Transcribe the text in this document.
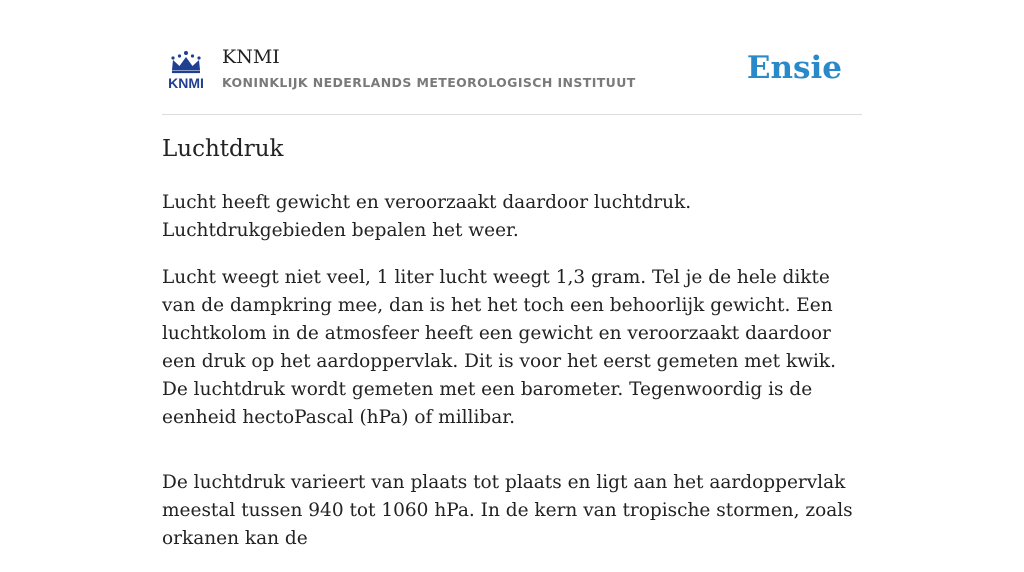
KNMI
KNMI
KONINKLIJK NEDERLANDS METEOROLOGISCH INSTITUUT	Ensie
Luchtdruk

Lucht heeft gewicht en veroorzaakt daardoor luchtdruk. Luchtdrukgebieden bepalen het weer.

Lucht weegt niet veel, 1 liter lucht weegt 1,3 gram. Tel je de hele dikte van de dampkring mee, dan is het het toch een behoorlijk gewicht. Een luchtkolom in de atmosfeer heeft een gewicht en veroorzaakt daardoor een druk op het aardoppervlak. Dit is voor het eerst gemeten met kwik. De luchtdruk wordt gemeten met een barometer. Tegenwoordig is de eenheid hectoPascal (hPa) of millibar.

De luchtdruk varieert van plaats tot plaats en ligt aan het aardoppervlak meestal tussen 940 tot 1060 hPa. In de kern van tropische stormen, zoals orkanen kan de
